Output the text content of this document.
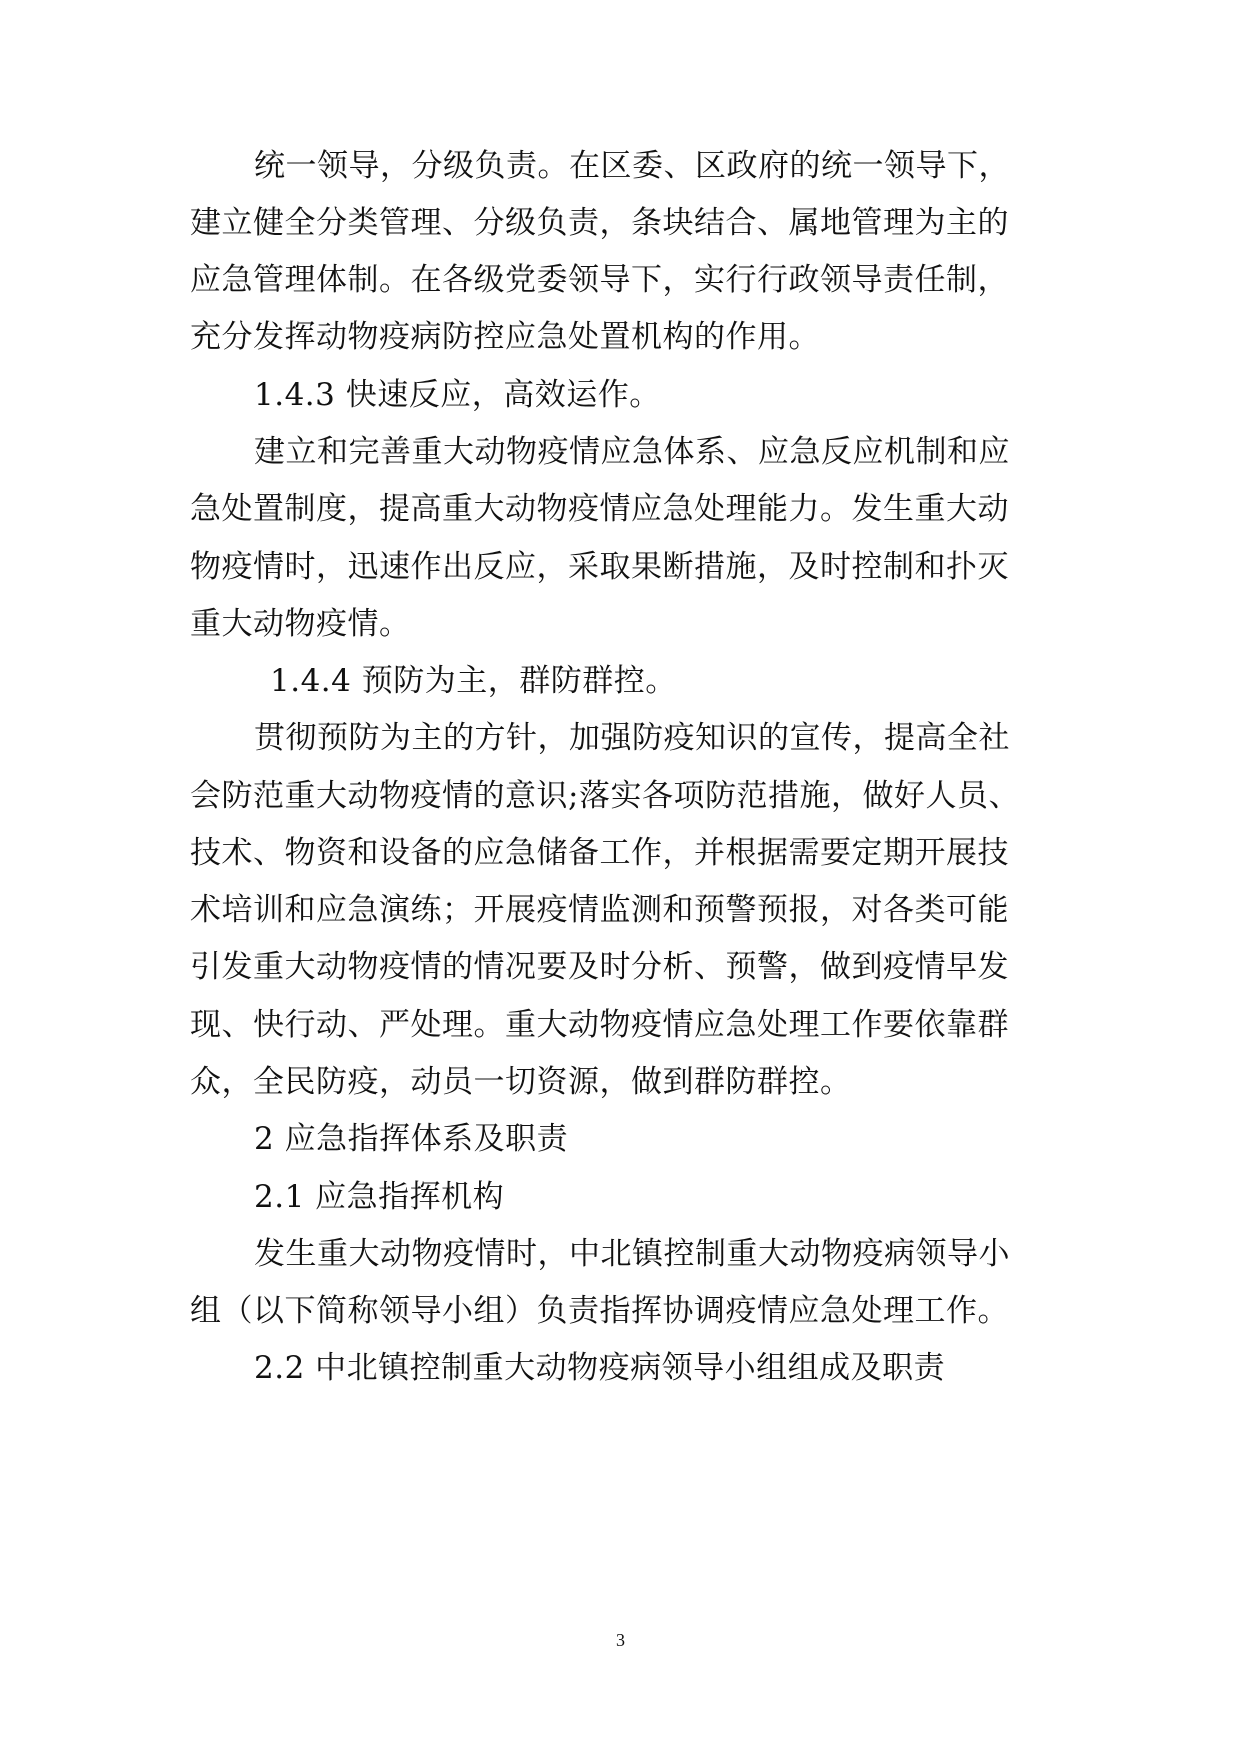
统一领导，分级负责。在区委、区政府的统一领导下，
建立健全分类管理、分级负责，条块结合、属地管理为主的
应急管理体制。在各级党委领导下，实行行政领导责任制，
充分发挥动物疫病防控应急处置机构的作用。
1.4.3 快速反应，高效运作。
建立和完善重大动物疫情应急体系、应急反应机制和应
急处置制度，提高重大动物疫情应急处理能力。发生重大动
物疫情时，迅速作出反应，采取果断措施，及时控制和扑灭
重大动物疫情。
1.4.4 预防为主，群防群控。
贯彻预防为主的方针，加强防疫知识的宣传，提高全社
会防范重大动物疫情的意识;落实各项防范措施，做好人员、
技术、物资和设备的应急储备工作，并根据需要定期开展技
术培训和应急演练；开展疫情监测和预警预报，对各类可能
引发重大动物疫情的情况要及时分析、预警，做到疫情早发
现、快行动、严处理。重大动物疫情应急处理工作要依靠群
众，全民防疫，动员一切资源，做到群防群控。
2 应急指挥体系及职责
2.1 应急指挥机构
发生重大动物疫情时，中北镇控制重大动物疫病领导小
组（以下简称领导小组）负责指挥协调疫情应急处理工作。
2.2 中北镇控制重大动物疫病领导小组组成及职责
3
